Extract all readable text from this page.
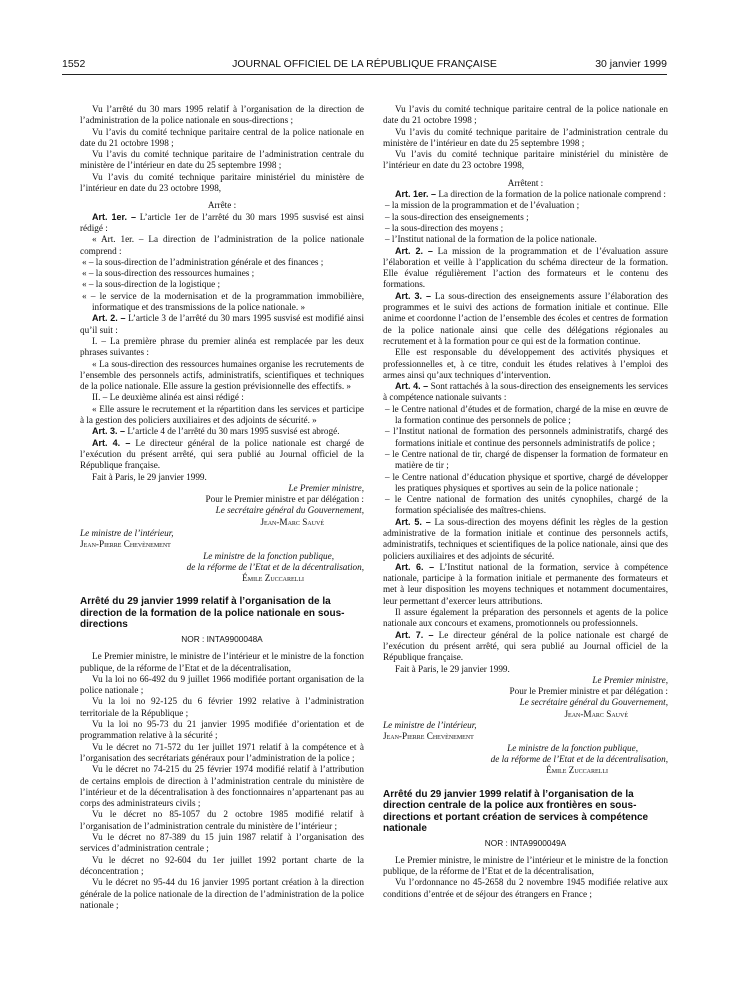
1552	JOURNAL OFFICIEL DE LA RÉPUBLIQUE FRANÇAISE	30 janvier 1999

Vu l’arrêté du 30 mars 1995 relatif à l’organisation de la direction de l’administration de la police nationale en sous-directions ;

Vu l’avis du comité technique paritaire central de la police nationale en date du 21 octobre 1998 ;

Vu l’avis du comité technique paritaire de l’administration centrale du ministère de l’intérieur en date du 25 septembre 1998 ;

Vu l’avis du comité technique paritaire ministériel du ministère de l’intérieur en date du 23 octobre 1998,

Arrête :

Art. 1er. – L’article 1er de l’arrêté du 30 mars 1995 susvisé est ainsi rédigé :

« Art. 1er. – La direction de l’administration de la police nationale comprend :

« – la sous-direction de l’administration générale et des finances ;

« – la sous-direction des ressources humaines ;

« – la sous-direction de la logistique ;

« – le service de la modernisation et de la programmation immobilière, informatique et des transmissions de la police nationale. »

Art. 2. – L’article 3 de l’arrêté du 30 mars 1995 susvisé est modifié ainsi qu’il suit :

I. – La première phrase du premier alinéa est remplacée par les deux phrases suivantes :

« La sous-direction des ressources humaines organise les recrutements de l’ensemble des personnels actifs, administratifs, scientifiques et techniques de la police nationale. Elle assure la gestion prévisionnelle des effectifs. »

II. – Le deuxième alinéa est ainsi rédigé :

« Elle assure le recrutement et la répartition dans les services et participe à la gestion des policiers auxiliaires et des adjoints de sécurité. »

Art. 3. – L’article 4 de l’arrêté du 30 mars 1995 susvisé est abrogé.

Art. 4. – Le directeur général de la police nationale est chargé de l’exécution du présent arrêté, qui sera publié au Journal officiel de la République française.

Fait à Paris, le 29 janvier 1999.

Le Premier ministre,

Pour le Premier ministre et par délégation :

Le secrétaire général du Gouvernement,

Jean-Marc Sauvé

Le ministre de l’intérieur,

Jean-Pierre Chevènement

Le ministre de la fonction publique,

de la réforme de l’Etat et de la décentralisation,

Émile Zuccarelli

Arrêté du 29 janvier 1999 relatif à l’organisation de la direction de la formation de la police nationale en sous-directions

NOR : INTA9900048A

Le Premier ministre, le ministre de l’intérieur et le ministre de la fonction publique, de la réforme de l’Etat et de la décentralisation,

Vu la loi no 66-492 du 9 juillet 1966 modifiée portant organisation de la police nationale ;

Vu la loi no 92-125 du 6 février 1992 relative à l’administration territoriale de la République ;

Vu la loi no 95-73 du 21 janvier 1995 modifiée d’orientation et de programmation relative à la sécurité ;

Vu le décret no 71-572 du 1er juillet 1971 relatif à la compétence et à l’organisation des secrétariats généraux pour l’administration de la police ;

Vu le décret no 74-215 du 25 février 1974 modifié relatif à l’attribution de certains emplois de direction à l’administration centrale du ministère de l’intérieur et de la décentralisation à des fonctionnaires n’appartenant pas au corps des administrateurs civils ;

Vu le décret no 85-1057 du 2 octobre 1985 modifié relatif à l’organisation de l’administration centrale du ministère de l’intérieur ;

Vu le décret no 87-389 du 15 juin 1987 relatif à l’organisation des services d’administration centrale ;

Vu le décret no 92-604 du 1er juillet 1992 portant charte de la déconcentration ;

Vu le décret no 95-44 du 16 janvier 1995 portant création à la direction générale de la police nationale de la direction de l’administration de la police nationale ;

Vu l’avis du comité technique paritaire central de la police nationale en date du 21 octobre 1998 ;

Vu l’avis du comité technique paritaire de l’administration centrale du ministère de l’intérieur en date du 25 septembre 1998 ;

Vu l’avis du comité technique paritaire ministériel du ministère de l’intérieur en date du 23 octobre 1998,

Arrêtent :

Art. 1er. – La direction de la formation de la police nationale comprend :

– la mission de la programmation et de l’évaluation ;

– la sous-direction des enseignements ;

– la sous-direction des moyens ;

– l’Institut national de la formation de la police nationale.

Art. 2. – La mission de la programmation et de l’évaluation assure l’élaboration et veille à l’application du schéma directeur de la formation. Elle évalue régulièrement l’action des formateurs et le contenu des formations.

Art. 3. – La sous-direction des enseignements assure l’élaboration des programmes et le suivi des actions de formation initiale et continue. Elle anime et coordonne l’action de l’ensemble des écoles et centres de formation de la police nationale ainsi que celle des délégations régionales au recrutement et à la formation pour ce qui est de la formation continue.

Elle est responsable du développement des activités physiques et professionnelles et, à ce titre, conduit les études relatives à l’emploi des armes ainsi qu’aux techniques d’intervention.

Art. 4. – Sont rattachés à la sous-direction des enseignements les services à compétence nationale suivants :

– le Centre national d’études et de formation, chargé de la mise en œuvre de la formation continue des personnels de police ;

– l’Institut national de formation des personnels administratifs, chargé des formations initiale et continue des personnels administratifs de police ;

– le Centre national de tir, chargé de dispenser la formation de formateur en matière de tir ;

– le Centre national d’éducation physique et sportive, chargé de développer les pratiques physiques et sportives au sein de la police nationale ;

– le Centre national de formation des unités cynophiles, chargé de la formation spécialisée des maîtres-chiens.

Art. 5. – La sous-direction des moyens définit les règles de la gestion administrative de la formation initiale et continue des personnels actifs, administratifs, techniques et scientifiques de la police nationale, ainsi que des policiers auxiliaires et des adjoints de sécurité.

Art. 6. – L’Institut national de la formation, service à compétence nationale, participe à la formation initiale et permanente des formateurs et met à leur disposition les moyens techniques et notamment documentaires, leur permettant d’exercer leurs attributions.

Il assure également la préparation des personnels et agents de la police nationale aux concours et examens, promotionnels ou professionnels.

Art. 7. – Le directeur général de la police nationale est chargé de l’exécution du présent arrêté, qui sera publié au Journal officiel de la République française.

Fait à Paris, le 29 janvier 1999.

Le Premier ministre,

Pour le Premier ministre et par délégation :

Le secrétaire général du Gouvernement,

Jean-Marc Sauvé

Le ministre de l’intérieur,

Jean-Pierre Chevènement

Le ministre de la fonction publique,

de la réforme de l’Etat et de la décentralisation,

Émile Zuccarelli

Arrêté du 29 janvier 1999 relatif à l’organisation de la direction centrale de la police aux frontières en sous-directions et portant création de services à compétence nationale

NOR : INTA9900049A

Le Premier ministre, le ministre de l’intérieur et le ministre de la fonction publique, de la réforme de l’Etat et de la décentralisation,

Vu l’ordonnance no 45-2658 du 2 novembre 1945 modifiée relative aux conditions d’entrée et de séjour des étrangers en France ;
